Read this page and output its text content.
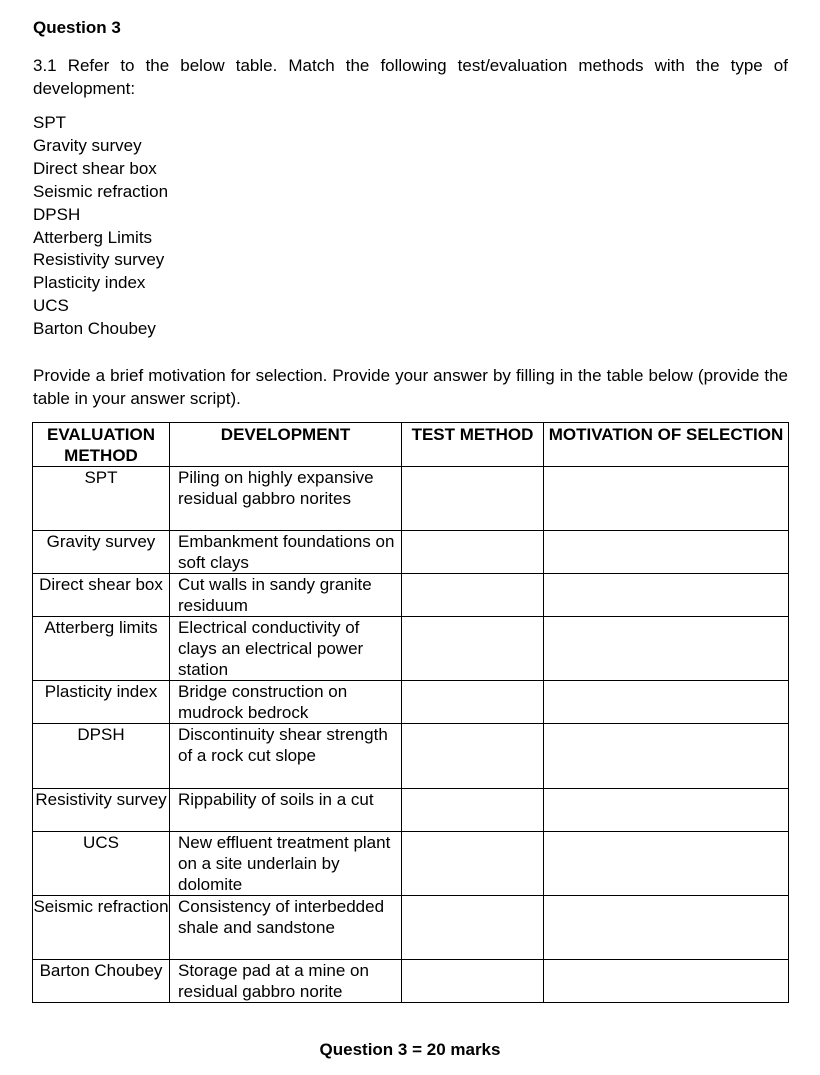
Question 3
3.1 Refer to the below table. Match the following test/evaluation methods with the type of development:
SPT
Gravity survey
Direct shear box
Seismic refraction
DPSH
Atterberg Limits
Resistivity survey
Plasticity index
UCS
Barton Choubey
Provide a brief motivation for selection. Provide your answer by filling in the table below (provide the table in your answer script).
EVALUATION METHOD	DEVELOPMENT	TEST METHOD	MOTIVATION OF SELECTION
SPT	Piling on highly expansive residual gabbro norites		
Gravity survey	Embankment foundations on soft clays		
Direct shear box	Cut walls in sandy granite residuum		
Atterberg limits	Electrical conductivity of clays an electrical power station		
Plasticity index	Bridge construction on mudrock bedrock		
DPSH	Discontinuity shear strength of a rock cut slope		
Resistivity survey	Rippability of soils in a cut		
UCS	New effluent treatment plant on a site underlain by dolomite		
Seismic refraction	Consistency of interbedded shale and sandstone		
Barton Choubey	Storage pad at a mine on residual gabbro norite		
Question 3 = 20 marks
